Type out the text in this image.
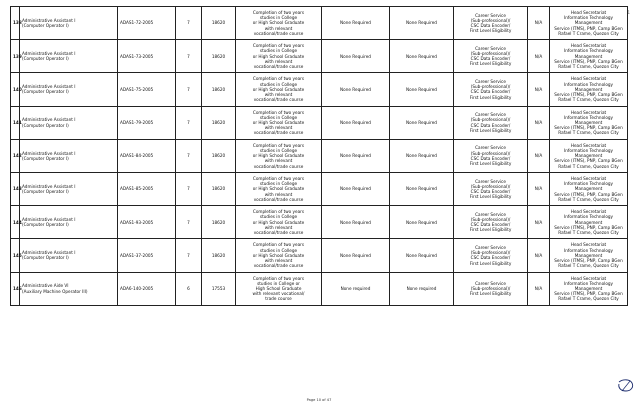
1
138	Administrative Assistant I
(Computer Operator I)	ADAS1-72-2005	7	18620	Completion of two years
studies in College
or High School Graduate
with relevant
vocational/trade course	None Required	None Required	Career Service
(Sub-professional)/
CSC Data Encoder/
First Level Eligibility	N/A	Head Secretariat
Information Technology Management
Service (ITMS), PNP, Camp BGen
Rafael T Crame, Quezon City
139	Administrative Assistant I
(Computer Operator I)	ADAS1-73-2005	7	18620	Completion of two years
studies in College
or High School Graduate
with relevant
vocational/trade course	None Required	None Required	Career Service
(Sub-professional)/
CSC Data Encoder/
First Level Eligibility	N/A	Head Secretariat
Information Technology Management
Service (ITMS), PNP, Camp BGen
Rafael T Crame, Quezon City
140	Administrative Assistant I
(Computer Operator I)	ADAS1-75-2005	7	18620	Completion of two years
studies in College
or High School Graduate
with relevant
vocational/trade course	None Required	None Required	Career Service
(Sub-professional)/
CSC Data Encoder/
First Level Eligibility	N/A	Head Secretariat
Information Technology Management
Service (ITMS), PNP, Camp BGen
Rafael T Crame, Quezon City
141	Administrative Assistant I
(Computer Operator I)	ADAS1-79-2005	7	18620	Completion of two years
studies in College
or High School Graduate
with relevant
vocational/trade course	None Required	None Required	Career Service
(Sub-professional)/
CSC Data Encoder/
First Level Eligibility	N/A	Head Secretariat
Information Technology Management
Service (ITMS), PNP, Camp BGen
Rafael T Crame, Quezon City
142	Administrative Assistant I
(Computer Operator I)	ADAS1-84-2005	7	18620	Completion of two years
studies in College
or High School Graduate
with relevant
vocational/trade course	None Required	None Required	Career Service
(Sub-professional)/
CSC Data Encoder/
First Level Eligibility	N/A	Head Secretariat
Information Technology Management
Service (ITMS), PNP, Camp BGen
Rafael T Crame, Quezon City
143	Administrative Assistant I
(Computer Operator I)	ADAS1-85-2005	7	18620	Completion of two years
studies in College
or High School Graduate
with relevant
vocational/trade course	None Required	None Required	Career Service
(Sub-professional)/
CSC Data Encoder/
First Level Eligibility	N/A	Head Secretariat
Information Technology Management
Service (ITMS), PNP, Camp BGen
Rafael T Crame, Quezon City
144	Administrative Assistant I
(Computer Operator I)	ADAS1-93-2005	7	18620	Completion of two years
studies in College
or High School Graduate
with relevant
vocational/trade course	None Required	None Required	Career Service
(Sub-professional)/
CSC Data Encoder/
First Level Eligibility	N/A	Head Secretariat
Information Technology Management
Service (ITMS), PNP, Camp BGen
Rafael T Crame, Quezon City
145	Administrative Assistant I
(Computer Operator I)	ADAS1-37-2005	7	18620	Completion of two years
studies in College
or High School Graduate
with relevant
vocational/trade course	None Required	None Required	Career Service
(Sub-professional)/
CSC Data Encoder/
First Level Eligibility	N/A	Head Secretariat
Information Technology Management
Service (ITMS), PNP, Camp BGen
Rafael T Crame, Quezon City
146	Administrative Aide VI
(Auxiliary Machine Operator III)	ADA6-140-2005	6	17553	Completion of two years
studies in College or
High School Graduate
with relevant vocational/
trade course	None required	None required	Career Service
(Sub-professional)/
First Level Eligibility	N/A	Head Secretariat
Information Technology Management
Service (ITMS), PNP, Camp BGen
Rafael T Crame, Quezon City
Page 10 of 47
